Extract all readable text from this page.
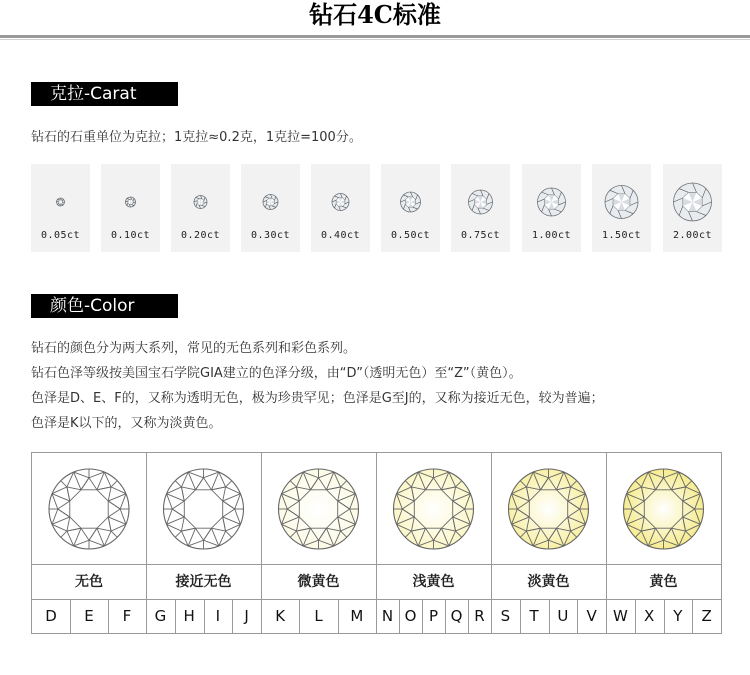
钻石4C标准
克拉-Carat
钻石的石重单位为克拉；1克拉≈0.2克，1克拉=100分。
0.05ct	0.10ct	0.20ct	0.30ct	0.40ct	0.50ct	0.75ct	1.00ct	1.50ct	2.00ct
颜色-Color
钻石的颜色分为两大系列，常见的无色系列和彩色系列。
钻石色泽等级按美国宝石学院GIA建立的色泽分级，由“D”（透明无色）至“Z”（黄色）。
色泽是D、E、F的，又称为透明无色，极为珍贵罕见；色泽是G至J的，又称为接近无色，较为普遍；
色泽是K以下的，又称为淡黄色。
无色
D	E	F
接近无色
G	H	I	J
微黄色
K	L	M
浅黄色
N O P Q R
淡黄色
S	T	U	V
黄色
W	X	Y	Z
